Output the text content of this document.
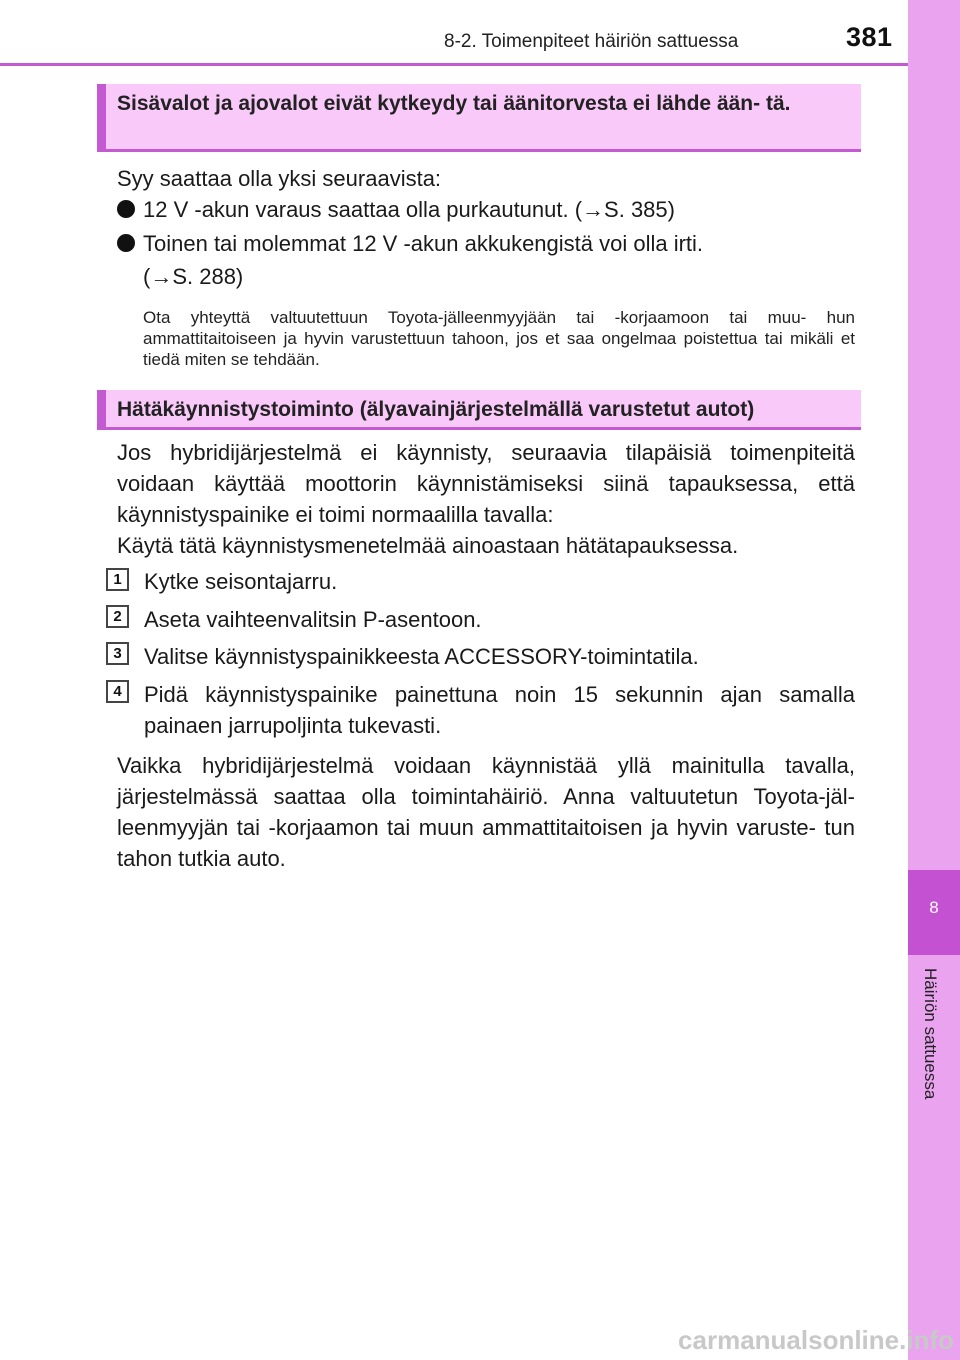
8-2. Toimenpiteet häiriön sattuessa	381
8
Häiriön sattuessa
Sisävalot ja ajovalot eivät kytkeydy tai äänitorvesta ei lähde ään- tä.
Syy saattaa olla yksi seuraavista:
12 V -akun varaus saattaa olla purkautunut. (→S. 385)
Toinen tai molemmat 12 V -akun akkukengistä voi olla irti.
(→S. 288)
Ota yhteyttä valtuutettuun Toyota-jälleenmyyjään tai -korjaamoon tai muu- hun ammattitaitoiseen ja hyvin varustettuun tahoon, jos et saa ongelmaa poistettua tai mikäli et tiedä miten se tehdään.
Hätäkäynnistystoiminto (älyavainjärjestelmällä varustetut autot)
Jos hybridijärjestelmä ei käynnisty, seuraavia tilapäisiä toimenpiteitä voidaan käyttää moottorin käynnistämiseksi siinä tapauksessa, että käynnistyspainike ei toimi normaalilla tavalla:
Käytä tätä käynnistysmenetelmää ainoastaan hätätapauksessa.
1	Kytke seisontajarru.
2	Aseta vaihteenvalitsin P-asentoon.
3	Valitse käynnistyspainikkeesta ACCESSORY-toimintatila.
4	Pidä käynnistyspainike painettuna noin 15 sekunnin ajan samalla painaen jarrupoljinta tukevasti.
Vaikka hybridijärjestelmä voidaan käynnistää yllä mainitulla tavalla, järjestelmässä saattaa olla toimintahäiriö. Anna valtuutetun Toyota-jäl- leenmyyjän tai -korjaamon tai muun ammattitaitoisen ja hyvin varuste- tun tahon tutkia auto.
carmanualsonline.info
